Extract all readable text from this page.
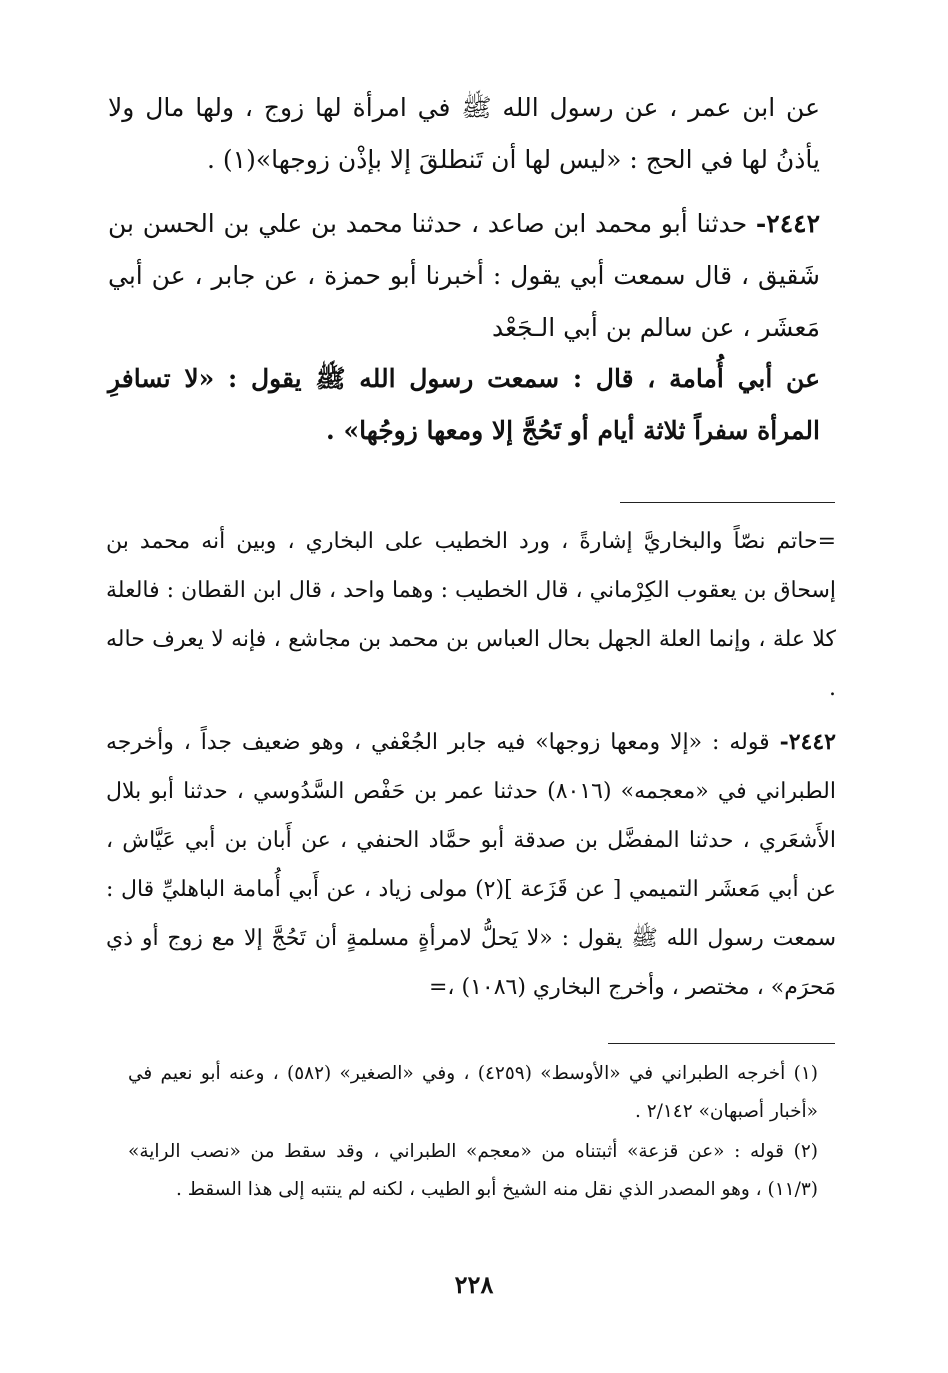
عن ابن عمر ، عن رسول الله ﷺ في امرأة لها زوج ، ولها مال ولا يأذنُ لها في الحج : «ليس لها أن تَنطلقَ إلا بإذْن زوجها»(١) .
٢٤٤٢- حدثنا أبو محمد ابن صاعد ، حدثنا محمد بن علي بن الحسن بن شَقيق ، قال سمعت أبي يقول : أخبرنا أبو حمزة ، عن جابر ، عن أبي مَعشَر ، عن سالم بن أبي الـجَعْد
عن أبي أُمامة ، قال : سمعت رسول الله ﷺ يقول : «لا تسافرِ المرأة سفراً ثلاثة أيام أو تَحُجَّ إلا ومعها زوجُها» .
=حاتم نصّاً والبخاريَّ إشارةً ، ورد الخطيب على البخاري ، وبين أنه محمد بن إسحاق بن يعقوب الكِرْماني ، قال الخطيب : وهما واحد ، قال ابن القطان : فالعلة كلا علة ، وإنما العلة الجهل بحال العباس بن محمد بن مجاشع ، فإنه لا يعرف حاله .
٢٤٤٢- قوله : «إلا ومعها زوجها» فيه جابر الجُعْفي ، وهو ضعيف جداً ، وأخرجه الطبراني في «معجمه» (٨٠١٦) حدثنا عمر بن حَفْص السَّدُوسي ، حدثنا أبو بلال الأَشعَري ، حدثنا المفضَّل بن صدقة أبو حمَّاد الحنفي ، عن أَبان بن أبي عَيَّاش ، عن أبي مَعشَر التميمي [ عن قَزَعة ](٢) مولى زياد ، عن أَبي أُمامة الباهليِّ قال : سمعت رسول الله ﷺ يقول : «لا يَحلُّ لامرأةٍ مسلمةٍ أن تَحُجَّ إلا مع زوج أو ذي مَحرَم» ، مختصر ، وأخرج البخاري (١٠٨٦) ،=
(١) أخرجه الطبراني في «الأوسط» (٤٢٥٩) ، وفي «الصغير» (٥٨٢) ، وعنه أبو نعيم في «أخبار أصبهان» ٢/١٤٢ .
(٢) قوله : «عن قزعة» أثبتناه من «معجم» الطبراني ، وقد سقط من «نصب الراية» (١١/٣) ، وهو المصدر الذي نقل منه الشيخ أبو الطيب ، لكنه لم ينتبه إلى هذا السقط .
٢٢٨
